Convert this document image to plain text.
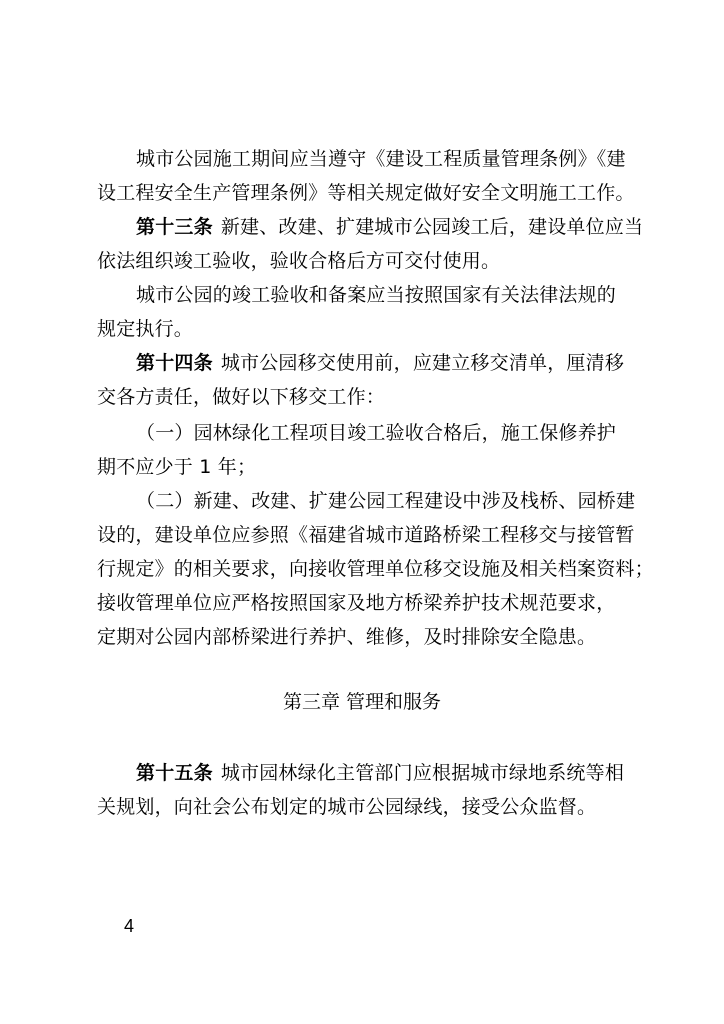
城市公园施工期间应当遵守《建设工程质量管理条例》《建
设工程安全生产管理条例》等相关规定做好安全文明施工工作。
第十三条 新建、改建、扩建城市公园竣工后，建设单位应当
依法组织竣工验收，验收合格后方可交付使用。
城市公园的竣工验收和备案应当按照国家有关法律法规的
规定执行。
第十四条 城市公园移交使用前，应建立移交清单，厘清移
交各方责任，做好以下移交工作：
（一）园林绿化工程项目竣工验收合格后，施工保修养护
期不应少于 1 年；
（二）新建、改建、扩建公园工程建设中涉及栈桥、园桥建
设的，建设单位应参照《福建省城市道路桥梁工程移交与接管暂
行规定》的相关要求，向接收管理单位移交设施及相关档案资料；
接收管理单位应严格按照国家及地方桥梁养护技术规范要求，
定期对公园内部桥梁进行养护、维修，及时排除安全隐患。
第三章 管理和服务
第十五条 城市园林绿化主管部门应根据城市绿地系统等相
关规划，向社会公布划定的城市公园绿线，接受公众监督。
4
